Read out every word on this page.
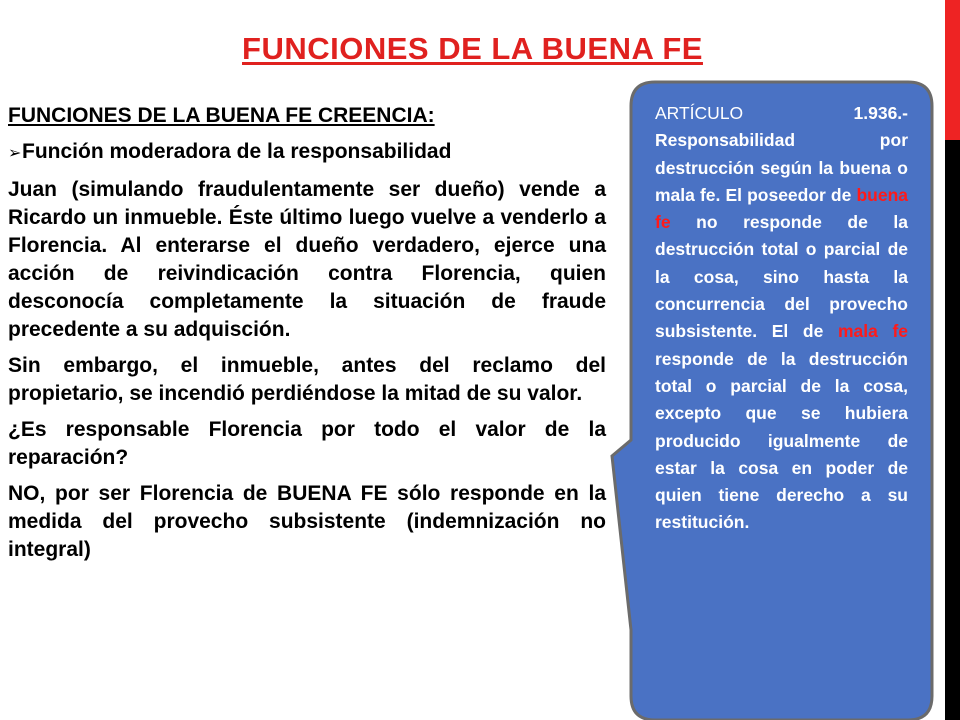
FUNCIONES DE LA BUENA FE

FUNCIONES DE LA BUENA FE CREENCIA:

➢ Función moderadora de la responsabilidad

Juan (simulando fraudulentamente ser dueño) vende a Ricardo un inmueble. Éste último luego vuelve a venderlo a Florencia. Al enterarse el dueño verdadero, ejerce una acción de reivindicación contra Florencia, quien desconocía completamente la situación de fraude precedente a su adquisción.

Sin embargo, el inmueble, antes del reclamo del propietario, se incendió perdiéndose la mitad de su valor.

¿Es responsable Florencia por todo el valor de la reparación?

NO, por ser Florencia de BUENA FE sólo responde en la medida del provecho subsistente (indemnización no integral)

ARTÍCULO	1.936.- Responsabilidad por destrucción según la buena o mala fe. El poseedor de buena fe no responde de la destrucción total o parcial de la cosa, sino hasta la concurrencia del provecho subsistente. El de mala fe responde de la destrucción total o parcial de la cosa, excepto que se hubiera producido igualmente de estar la cosa en poder de quien tiene derecho a su restitución.
